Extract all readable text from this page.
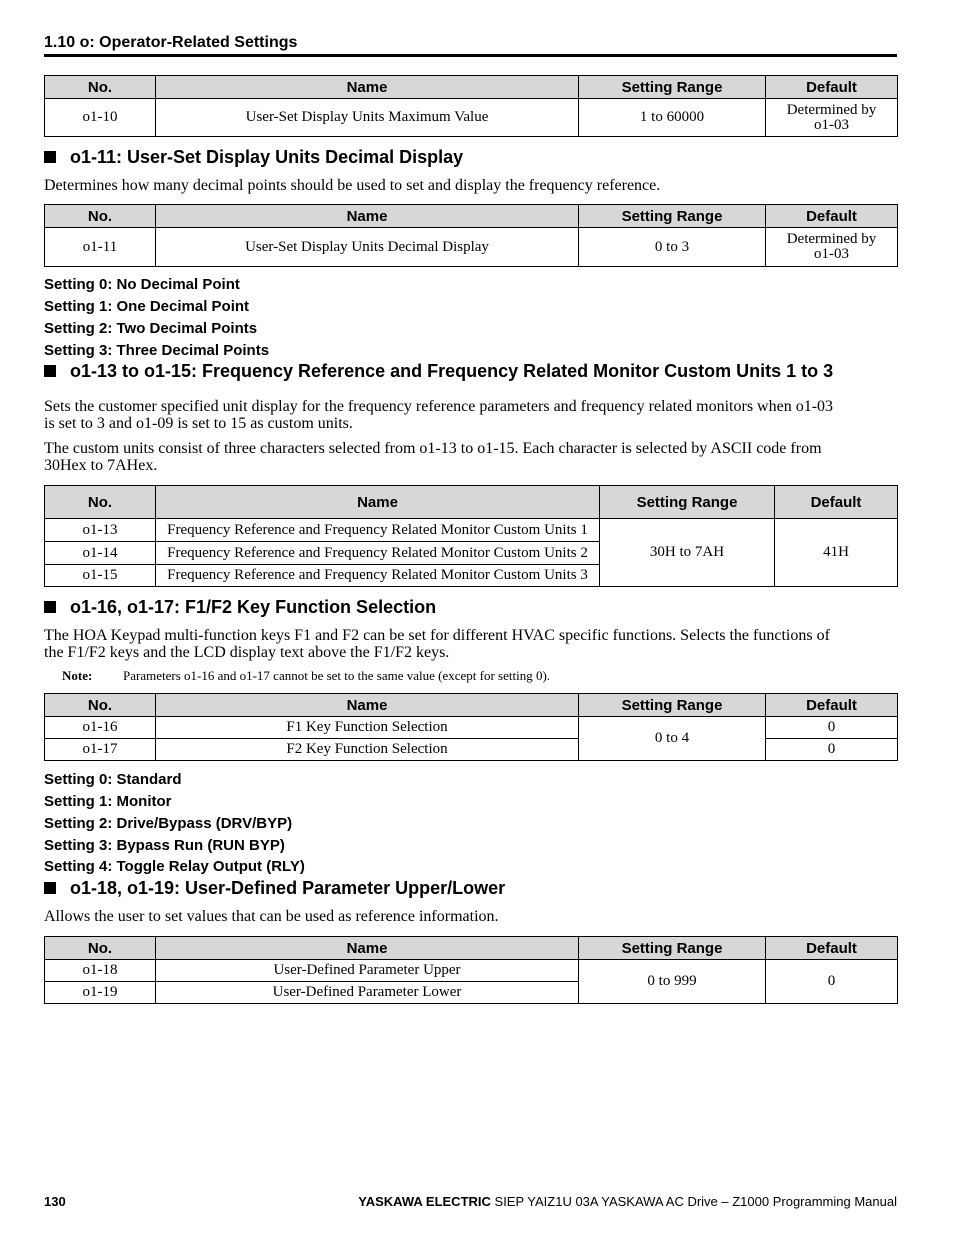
1.10 o: Operator-Related Settings
No.	Name	Setting Range	Default
o1-10	User-Set Display Units Maximum Value	1 to 60000	Determined by
o1-03
o1-11: User-Set Display Units Decimal Display
Determines how many decimal points should be used to set and display the frequency reference.
No.	Name	Setting Range	Default
o1-11	User-Set Display Units Decimal Display	0 to 3	Determined by
o1-03
Setting 0: No Decimal Point
Setting 1: One Decimal Point
Setting 2: Two Decimal Points
Setting 3: Three Decimal Points
o1-13 to o1-15: Frequency Reference and Frequency Related Monitor Custom Units 1 to 3
Sets the customer specified unit display for the frequency reference parameters and frequency related monitors when o1-03
is set to 3 and o1-09 is set to 15 as custom units.
The custom units consist of three characters selected from o1-13 to o1-15. Each character is selected by ASCII code from
30Hex to 7AHex.
No.	Name	Setting Range	Default
o1-13	Frequency Reference and Frequency Related Monitor Custom Units 1	30H to 7AH	41H
o1-14	Frequency Reference and Frequency Related Monitor Custom Units 2		
o1-15	Frequency Reference and Frequency Related Monitor Custom Units 3		
o1-16, o1-17: F1/F2 Key Function Selection
The HOA Keypad multi-function keys F1 and F2 can be set for different HVAC specific functions. Selects the functions of
the F1/F2 keys and the LCD display text above the F1/F2 keys.
Note: Parameters o1-16 and o1-17 cannot be set to the same value (except for setting 0).
No.	Name	Setting Range	Default
o1-16	F1 Key Function Selection	0 to 4	0
o1-17	F2 Key Function Selection		0
Setting 0: Standard
Setting 1: Monitor
Setting 2: Drive/Bypass (DRV/BYP)
Setting 3: Bypass Run (RUN BYP)
Setting 4: Toggle Relay Output (RLY)
o1-18, o1-19: User-Defined Parameter Upper/Lower
Allows the user to set values that can be used as reference information.
No.	Name	Setting Range	Default
o1-18	User-Defined Parameter Upper	0 to 999	0
o1-19	User-Defined Parameter Lower		
130	YASKAWA ELECTRIC SIEP YAIZ1U 03A YASKAWA AC Drive – Z1000 Programming Manual
